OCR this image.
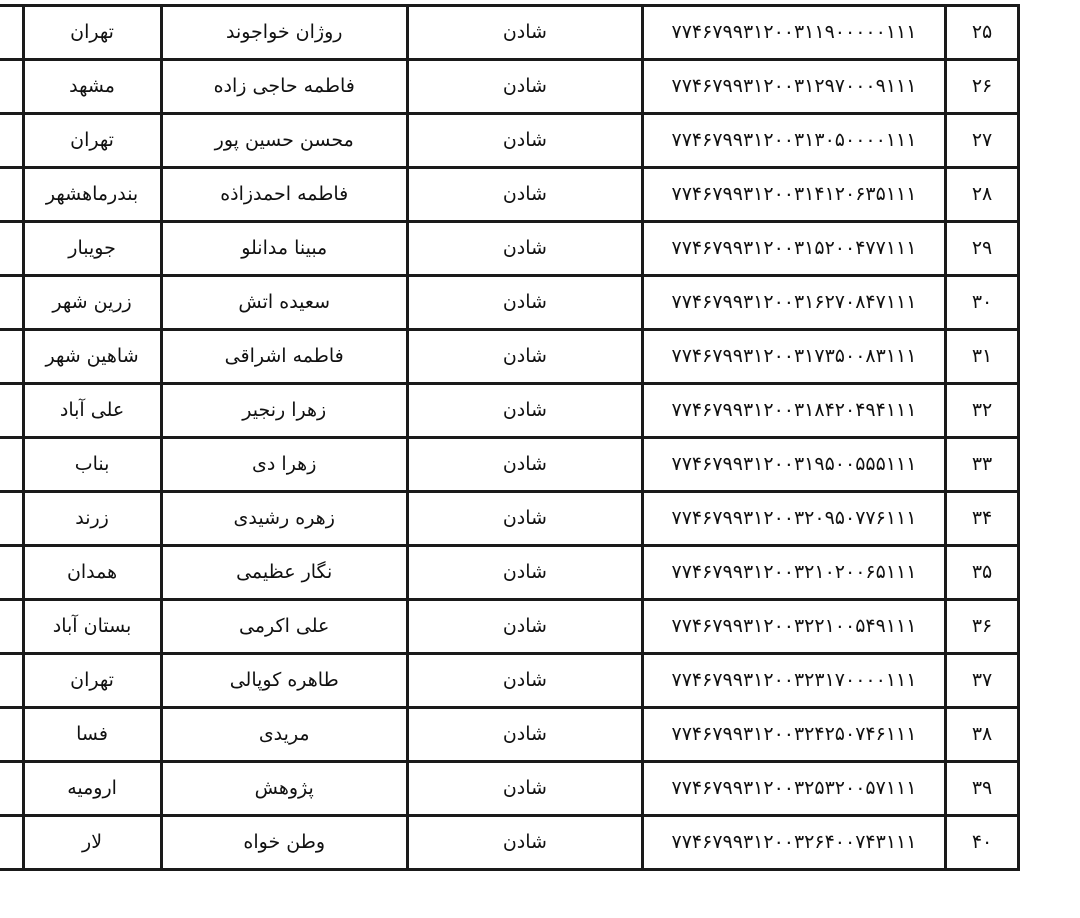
۲۵	۷۷۴۶۷۹۹۳۱۲۰۰۳۱۱۹۰۰۰۰۰۱۱۱	شادن	روژان خواجوند	تهران	
۲۶	۷۷۴۶۷۹۹۳۱۲۰۰۳۱۲۹۷۰۰۰۹۱۱۱	شادن	فاطمه حاجی زاده	مشهد	
۲۷	۷۷۴۶۷۹۹۳۱۲۰۰۳۱۳۰۵۰۰۰۰۱۱۱	شادن	محسن حسین پور	تهران	
۲۸	۷۷۴۶۷۹۹۳۱۲۰۰۳۱۴۱۲۰۶۳۵۱۱۱	شادن	فاطمه احمدزاذه	بندرماهشهر	
۲۹	۷۷۴۶۷۹۹۳۱۲۰۰۳۱۵۲۰۰۴۷۷۱۱۱	شادن	مبینا مدانلو	جویبار	
۳۰	۷۷۴۶۷۹۹۳۱۲۰۰۳۱۶۲۷۰۸۴۷۱۱۱	شادن	سعیده اتش	زرین شهر	
۳۱	۷۷۴۶۷۹۹۳۱۲۰۰۳۱۷۳۵۰۰۸۳۱۱۱	شادن	فاطمه اشراقی	شاهین شهر	
۳۲	۷۷۴۶۷۹۹۳۱۲۰۰۳۱۸۴۲۰۴۹۴۱۱۱	شادن	زهرا رنجیر	علی آباد	
۳۳	۷۷۴۶۷۹۹۳۱۲۰۰۳۱۹۵۰۰۵۵۵۱۱۱	شادن	زهرا دی	بناب	
۳۴	۷۷۴۶۷۹۹۳۱۲۰۰۳۲۰۹۵۰۷۷۶۱۱۱	شادن	زهره رشیدی	زرند	
۳۵	۷۷۴۶۷۹۹۳۱۲۰۰۳۲۱۰۲۰۰۶۵۱۱۱	شادن	نگار عظیمی	همدان	
۳۶	۷۷۴۶۷۹۹۳۱۲۰۰۳۲۲۱۰۰۵۴۹۱۱۱	شادن	علی اکرمی	بستان آباد	
۳۷	۷۷۴۶۷۹۹۳۱۲۰۰۳۲۳۱۷۰۰۰۰۱۱۱	شادن	طاهره کوپالی	تهران	
۳۸	۷۷۴۶۷۹۹۳۱۲۰۰۳۲۴۲۵۰۷۴۶۱۱۱	شادن	مریدی	فسا	
۳۹	۷۷۴۶۷۹۹۳۱۲۰۰۳۲۵۳۲۰۰۵۷۱۱۱	شادن	پژوهش	ارومیه	
۴۰	۷۷۴۶۷۹۹۳۱۲۰۰۳۲۶۴۰۰۷۴۳۱۱۱	شادن	وطن خواه	لار	
